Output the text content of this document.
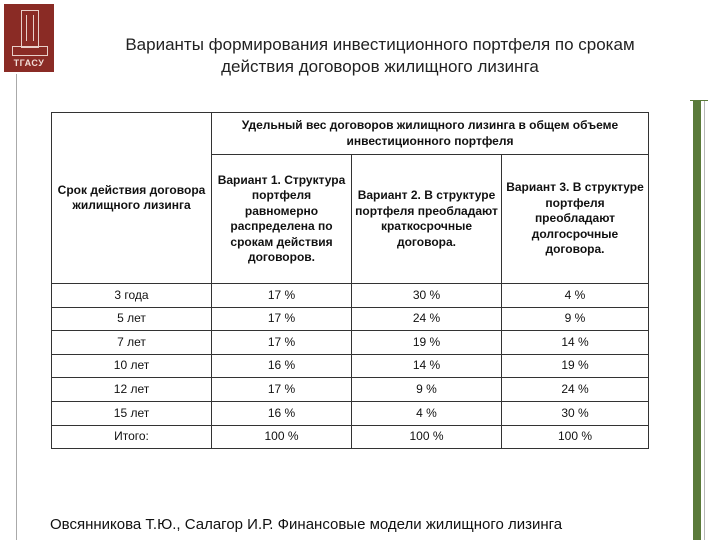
ТГАСУ
Варианты формирования инвестиционного портфеля по срокам
действия договоров жилищного лизинга
Срок действия договора жилищного лизинга	Удельный вес договоров жилищного лизинга в общем объеме инвестиционного портфеля		
	Вариант 1. Структура портфеля равномерно распределена по срокам действия договоров.	Вариант 2. В структуре портфеля преобладают краткосрочные договора.	Вариант 3. В структуре портфеля преобладают долгосрочные договора.
3 года	17 %	30 %	4 %
5 лет	17 %	24 %	9 %
7 лет	17 %	19 %	14 %
10 лет	16 %	14 %	19 %
12 лет	17 %	9 %	24 %
15 лет	16 %	4 %	30 %
Итого:	100 %	100 %	100 %
Овсянникова Т.Ю., Салагор И.Р. Финансовые модели жилищного лизинга
